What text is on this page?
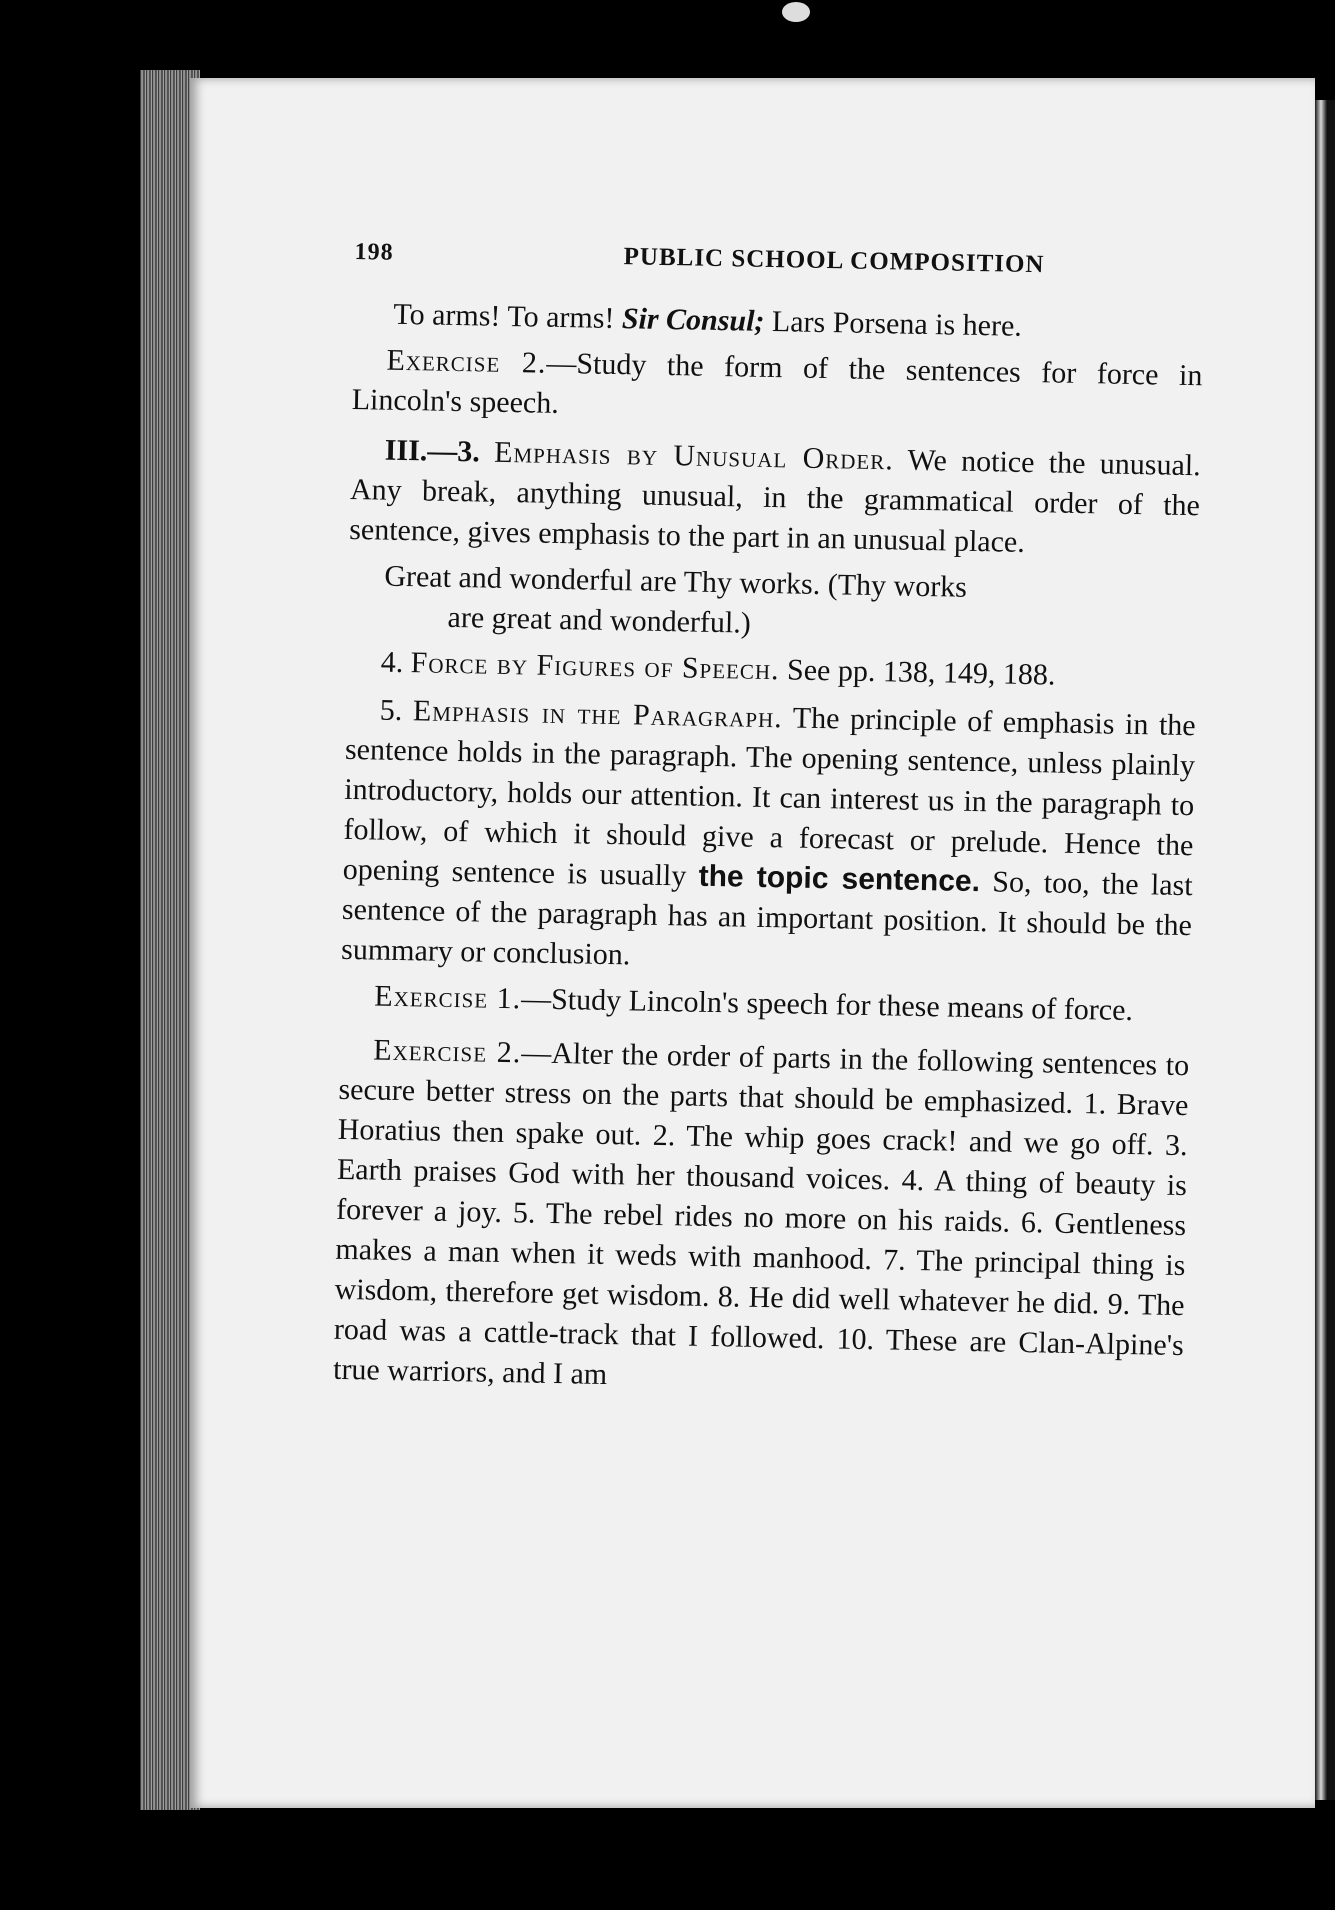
198	PUBLIC SCHOOL COMPOSITION

To arms! To arms! Sir Consul; Lars Porsena is here.

Exercise 2.—Study the form of the sentences for force in Lincoln's speech.

III.—3. Emphasis by Unusual Order. We notice the unusual. Any break, anything unusual, in the grammatical order of the sentence, gives emphasis to the part in an unusual place.

Great and wonderful are Thy works. (Thy works
are great and wonderful.)

4. Force by Figures of Speech. See pp. 138, 149, 188.

5. Emphasis in the Paragraph. The principle of emphasis in the sentence holds in the paragraph. The opening sentence, unless plainly introductory, holds our attention. It can interest us in the paragraph to follow, of which it should give a forecast or prelude. Hence the opening sentence is usually the topic sentence. So, too, the last sentence of the paragraph has an important position. It should be the summary or conclusion.

Exercise 1.—Study Lincoln's speech for these means of force.

Exercise 2.—Alter the order of parts in the following sentences to secure better stress on the parts that should be emphasized. 1. Brave Horatius then spake out. 2. The whip goes crack! and we go off. 3. Earth praises God with her thousand voices. 4. A thing of beauty is forever a joy. 5. The rebel rides no more on his raids. 6. Gentleness makes a man when it weds with manhood. 7. The principal thing is wisdom, therefore get wisdom. 8. He did well whatever he did. 9. The road was a cattle-track that I followed. 10. These are Clan-Alpine's true warriors, and I am
